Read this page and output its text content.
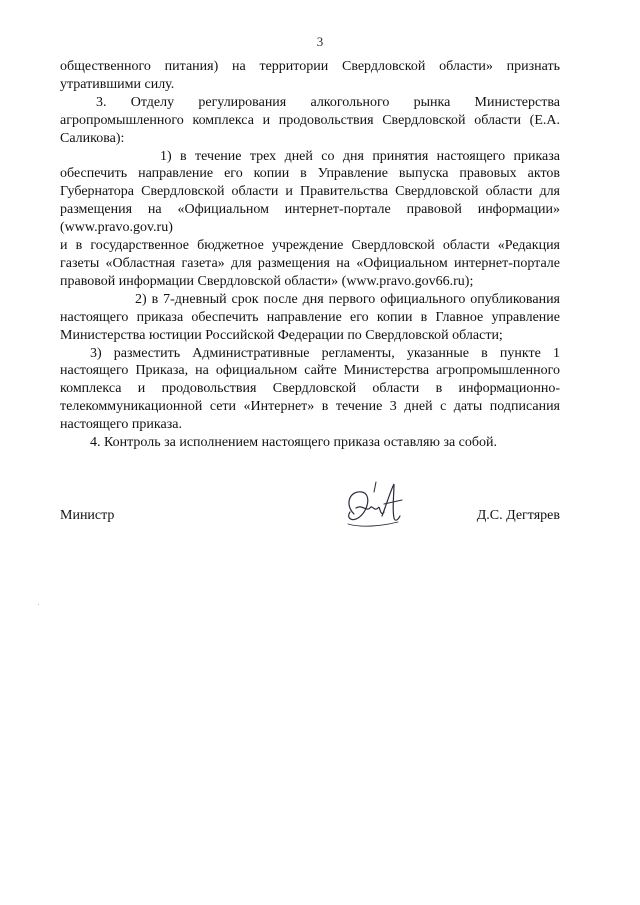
3

общественного питания) на территории Свердловской области» признать утратившими силу.

3. Отделу регулирования алкогольного рынка Министерства агропромышленного комплекса и продовольствия Свердловской области (Е.А. Саликова):

1) в течение трех дней со дня принятия настоящего приказа обеспечить направление его копии в Управление выпуска правовых актов Губернатора Свердловской области и Правительства Свердловской области для размещения на «Официальном интернет-портале правовой информации» (www.pravo.gov.ru)

и в государственное бюджетное учреждение Свердловской области «Редакция газеты «Областная газета» для размещения на «Официальном интернет-портале правовой информации Свердловской области» (www.pravo.gov66.ru);

2) в 7-дневный срок после дня первого официального опубликования настоящего приказа обеспечить направление его копии в Главное управление Министерства юстиции Российской Федерации по Свердловской области;

3) разместить Административные регламенты, указанные в пункте 1 настоящего Приказа, на официальном сайте Министерства агропромышленного комплекса и продовольствия Свердловской области в информационно-телекоммуникационной сети «Интернет» в течение 3 дней с даты подписания настоящего приказа.

4. Контроль за исполнением настоящего приказа оставляю за собой.

Министр	Д.С. Дегтярев
